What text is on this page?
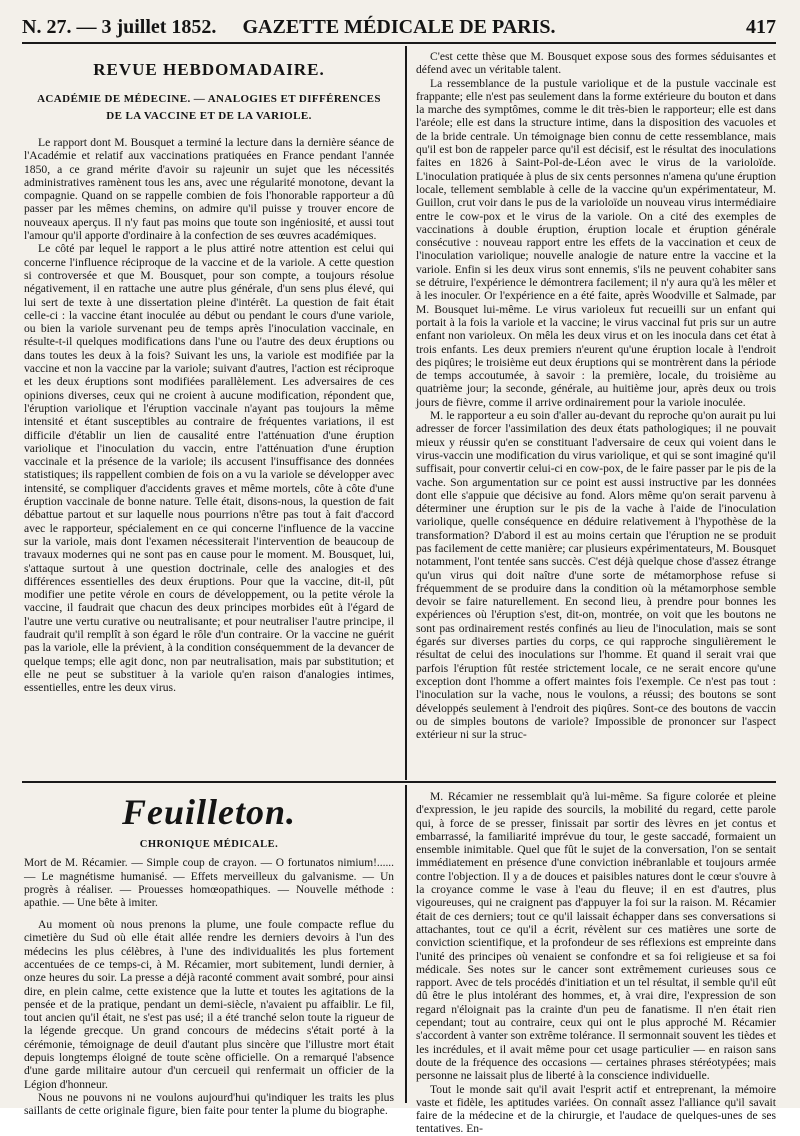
N. 27. — 3 juillet 1852.	GAZETTE MÉDICALE DE PARIS.	417
REVUE HEBDOMADAIRE.
ACADÉMIE DE MÉDECINE. — ANALOGIES ET DIFFÉRENCES
DE LA VACCINE ET DE LA VARIOLE.

Le rapport dont M. Bousquet a terminé la lecture dans la dernière séance de l'Académie et relatif aux vaccinations pratiquées en France pendant l'année 1850, a ce grand mérite d'avoir su rajeunir un sujet que les nécessités administratives ramènent tous les ans, avec une régularité monotone, devant la compagnie. Quand on se rappelle combien de fois l'honorable rapporteur a dû passer par les mêmes chemins, on admire qu'il puisse y trouver encore de nouveaux aperçus. Il n'y faut pas moins que toute son ingéniosité, et aussi tout l'amour qu'il apporte d'ordinaire à la confection de ses œuvres académiques.

Le côté par lequel le rapport a le plus attiré notre attention est celui qui concerne l'influence réciproque de la vaccine et de la variole. A cette question si controversée et que M. Bousquet, pour son compte, a toujours résolue négativement, il en rattache une autre plus générale, d'un sens plus élevé, qui lui sert de texte à une dissertation pleine d'intérêt. La question de fait était celle-ci : la vaccine étant inoculée au début ou pendant le cours d'une variole, ou bien la variole survenant peu de temps après l'inoculation vaccinale, en résulte-t-il quelques modifications dans l'une ou l'autre des deux éruptions ou dans toutes les deux à la fois? Suivant les uns, la variole est modifiée par la vaccine et non la vaccine par la variole; suivant d'autres, l'action est réciproque et les deux éruptions sont modifiées parallèlement. Les adversaires de ces opinions diverses, ceux qui ne croient à aucune modification, répondent que, l'éruption variolique et l'éruption vaccinale n'ayant pas toujours la même intensité et étant susceptibles au contraire de fréquentes variations, il est difficile d'établir un lien de causalité entre l'atténuation d'une éruption variolique et l'inoculation du vaccin, entre l'atténuation d'une éruption vaccinale et la présence de la variole; ils accusent l'insuffisance des données statistiques; ils rappellent combien de fois on a vu la variole se développer avec intensité, se compliquer d'accidents graves et même mortels, côte à côte d'une éruption vaccinale de bonne nature. Telle était, disons-nous, la question de fait débattue partout et sur laquelle nous pourrions n'être pas tout à fait d'accord avec le rapporteur, spécialement en ce qui concerne l'influence de la vaccine sur la variole, mais dont l'examen nécessiterait l'intervention de beaucoup de travaux modernes qui ne sont pas en cause pour le moment. M. Bousquet, lui, s'attaque surtout à une question doctrinale, celle des analogies et des différences essentielles des deux éruptions. Pour que la vaccine, dit-il, pût modifier une petite vérole en cours de développement, ou la petite vérole la vaccine, il faudrait que chacun des deux principes morbides eût à l'égard de l'autre une vertu curative ou neutralisante; et pour neutraliser l'autre principe, il faudrait qu'il remplît à son égard le rôle d'un contraire. Or la vaccine ne guérit pas la variole, elle la prévient, à la condition conséquemment de la devancer de quelque temps; elle agit donc, non par neutralisation, mais par substitution; et elle ne peut se substituer à la variole qu'en raison d'analogies intimes, essentielles, entre les deux virus.

C'est cette thèse que M. Bousquet expose sous des formes séduisantes et défend avec un véritable talent.

La ressemblance de la pustule variolique et de la pustule vaccinale est frappante; elle n'est pas seulement dans la forme extérieure du bouton et dans la marche des symptômes, comme le dit très-bien le rapporteur; elle est dans l'aréole; elle est dans la structure intime, dans la disposition des vacuoles et de la bride centrale. Un témoignage bien connu de cette ressemblance, mais qu'il est bon de rappeler parce qu'il est décisif, est le résultat des inoculations faites en 1826 à Saint-Pol-de-Léon avec le virus de la varioloïde. L'inoculation pratiquée à plus de six cents personnes n'amena qu'une éruption locale, tellement semblable à celle de la vaccine qu'un expérimentateur, M. Guillon, crut voir dans le pus de la varioloïde un nouveau virus intermédiaire entre le cow-pox et le virus de la variole. On a cité des exemples de vaccinations à double éruption, éruption locale et éruption générale consécutive : nouveau rapport entre les effets de la vaccination et ceux de l'inoculation variolique; nouvelle analogie de nature entre la vaccine et la variole. Enfin si les deux virus sont ennemis, s'ils ne peuvent cohabiter sans se détruire, l'expérience le démontrera facilement; il n'y aura qu'à les mêler et à les inoculer. Or l'expérience en a été faite, après Woodville et Salmade, par M. Bousquet lui-même. Le virus varioleux fut recueilli sur un enfant qui portait à la fois la variole et la vaccine; le virus vaccinal fut pris sur un autre enfant non varioleux. On mêla les deux virus et on les inocula dans cet état à trois enfants. Les deux premiers n'eurent qu'une éruption locale à l'endroit des piqûres; le troisième eut deux éruptions qui se montrèrent dans la période de temps accoutumée, à savoir : la première, locale, du troisième au quatrième jour; la seconde, générale, au huitième jour, après deux ou trois jours de fièvre, comme il arrive ordinairement pour la variole inoculée.

M. le rapporteur a eu soin d'aller au-devant du reproche qu'on aurait pu lui adresser de forcer l'assimilation des deux états pathologiques; il ne pouvait mieux y réussir qu'en se constituant l'adversaire de ceux qui voient dans le virus-vaccin une modification du virus variolique, et qui se sont imaginé qu'il suffisait, pour convertir celui-ci en cow-pox, de le faire passer par le pis de la vache. Son argumentation sur ce point est aussi instructive par les données dont elle s'appuie que décisive au fond. Alors même qu'on serait parvenu à déterminer une éruption sur le pis de la vache à l'aide de l'inoculation variolique, quelle conséquence en déduire relativement à l'hypothèse de la transformation? D'abord il est au moins certain que l'éruption ne se produit pas facilement de cette manière; car plusieurs expérimentateurs, M. Bousquet notamment, l'ont tentée sans succès. C'est déjà quelque chose d'assez étrange qu'un virus qui doit naître d'une sorte de métamorphose refuse si fréquemment de se produire dans la condition où la métamorphose semble devoir se faire naturellement. En second lieu, à prendre pour bonnes les expériences où l'éruption s'est, dit-on, montrée, on voit que les boutons ne sont pas ordinairement restés confinés au lieu de l'inoculation, mais se sont égarés sur diverses parties du corps, ce qui rapproche singulièrement le résultat de celui des inoculations sur l'homme. Et quand il serait vrai que parfois l'éruption fût restée strictement locale, ce ne serait encore qu'une exception dont l'homme a offert maintes fois l'exemple. Ce n'est pas tout : l'inoculation sur la vache, nous le voulons, a réussi; des boutons se sont développés seulement à l'endroit des piqûres. Sont-ce des boutons de vaccin ou de simples boutons de variole? Impossible de prononcer sur l'aspect extérieur ni sur la struc-

Feuilleton.
CHRONIQUE MÉDICALE.
Mort de M. Récamier. — Simple coup de crayon. — O fortunatos nimium!...... — Le magnétisme humanisé. — Effets merveilleux du galvanisme. — Un progrès à réaliser. — Prouesses homœopathiques. — Nouvelle méthode : apathie. — Une bête à imiter.

Au moment où nous prenons la plume, une foule compacte reflue du cimetière du Sud où elle était allée rendre les derniers devoirs à l'un des médecins les plus célèbres, à l'une des individualités les plus fortement accentuées de ce temps-ci, à M. Récamier, mort subitement, lundi dernier, à onze heures du soir. La presse a déjà raconté comment avait sombré, pour ainsi dire, en plein calme, cette existence que la lutte et toutes les agitations de la pensée et de la pratique, pendant un demi-siècle, n'avaient pu affaiblir. Le fil, tout ancien qu'il était, ne s'est pas usé; il a été tranché selon toute la rigueur de la légende grecque. Un grand concours de médecins s'était porté à la cérémonie, témoignage de deuil d'autant plus sincère que l'illustre mort était depuis longtemps éloigné de toute scène officielle. On a remarqué l'absence d'une garde militaire autour d'un cercueil qui renfermait un officier de la Légion d'honneur.

Nous ne pouvons ni ne voulons aujourd'hui qu'indiquer les traits les plus saillants de cette originale figure, bien faite pour tenter la plume du biographe.

M. Récamier ne ressemblait qu'à lui-même. Sa figure colorée et pleine d'expression, le jeu rapide des sourcils, la mobilité du regard, cette parole qui, à force de se presser, finissait par sortir des lèvres en jet contus et embarrassé, la familiarité imprévue du tour, le geste saccadé, formaient un ensemble inimitable. Quel que fût le sujet de la conversation, l'on se sentait immédiatement en présence d'une conviction inébranlable et toujours armée contre l'objection. Il y a de douces et paisibles natures dont le cœur s'ouvre à la croyance comme le vase à l'eau du fleuve; il en est d'autres, plus vigoureuses, qui ne craignent pas d'appuyer la foi sur la raison. M. Récamier était de ces derniers; tout ce qu'il laissait échapper dans ses conversations si attachantes, tout ce qu'il a écrit, révèlent sur ces matières une sorte de conviction scientifique, et la profondeur de ses réflexions est empreinte dans l'unité des principes où venaient se confondre et sa foi religieuse et sa foi médicale. Ses notes sur le cancer sont extrêmement curieuses sous ce rapport. Avec de tels procédés d'initiation et un tel résultat, il semble qu'il eût dû être le plus intolérant des hommes, et, à vrai dire, l'expression de son regard n'éloignait pas la crainte d'un peu de fanatisme. Il n'en était rien cependant; tout au contraire, ceux qui ont le plus approché M. Récamier s'accordent à vanter son extrême tolérance. Il sermonnait souvent les tièdes et les incrédules, et il avait même pour cet usage particulier — en raison sans doute de la fréquence des occasions — certaines phrases stéréotypées; mais personne ne laissait plus de liberté à la conscience individuelle.

Tout le monde sait qu'il avait l'esprit actif et entreprenant, la mémoire vaste et fidèle, les aptitudes variées. On connaît assez l'alliance qu'il savait faire de la médecine et de la chirurgie, et l'audace de quelques-unes de ses tentatives. En-
